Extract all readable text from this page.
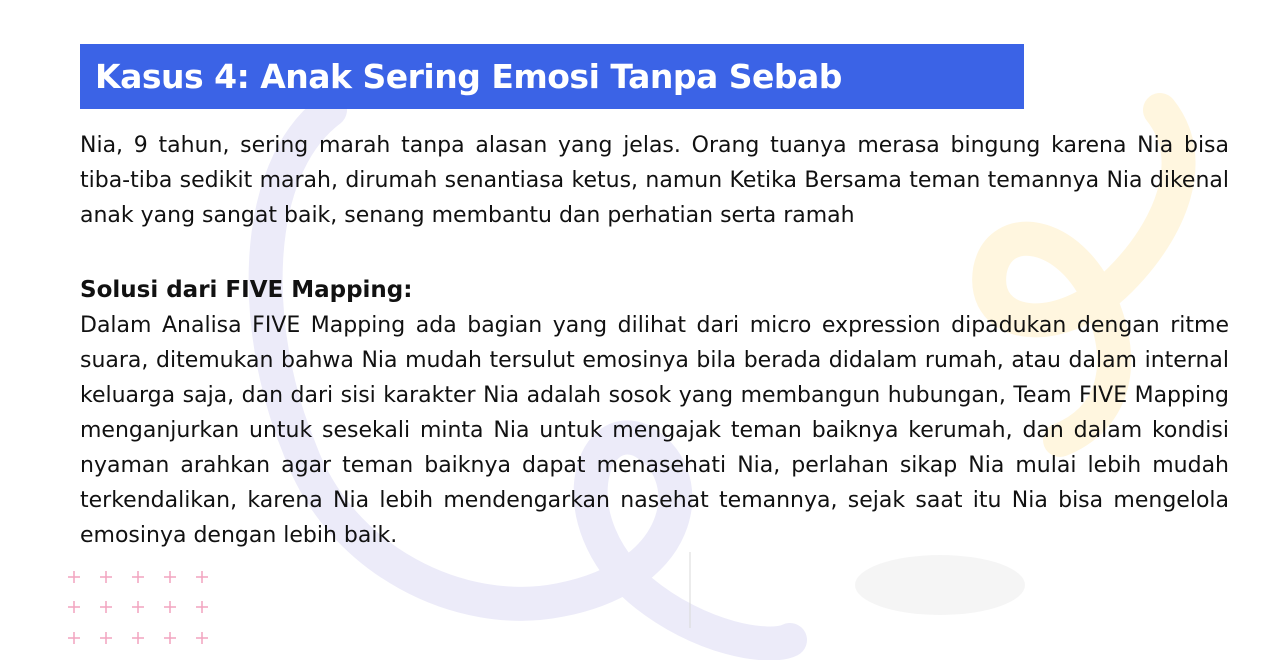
Kasus 4: Anak Sering Emosi Tanpa Sebab

Nia, 9 tahun, sering marah tanpa alasan yang jelas. Orang tuanya merasa bingung karena Nia bisa tiba-tiba sedikit marah, dirumah senantiasa ketus, namun Ketika Bersama teman temannya Nia dikenal anak yang sangat baik, senang membantu dan perhatian serta ramah

Solusi dari FIVE Mapping:

Dalam Analisa FIVE Mapping ada bagian yang dilihat dari micro expression dipadukan dengan ritme suara, ditemukan bahwa Nia mudah tersulut emosinya bila berada didalam rumah, atau dalam internal keluarga saja, dan dari sisi karakter Nia adalah sosok yang membangun hubungan, Team FIVE Mapping menganjurkan untuk sesekali minta Nia untuk mengajak teman baiknya kerumah, dan dalam kondisi nyaman arahkan agar teman baiknya dapat menasehati Nia, perlahan sikap Nia mulai lebih mudah terkendalikan, karena Nia lebih mendengarkan nasehat temannya, sejak saat itu Nia bisa mengelola emosinya dengan lebih baik.
